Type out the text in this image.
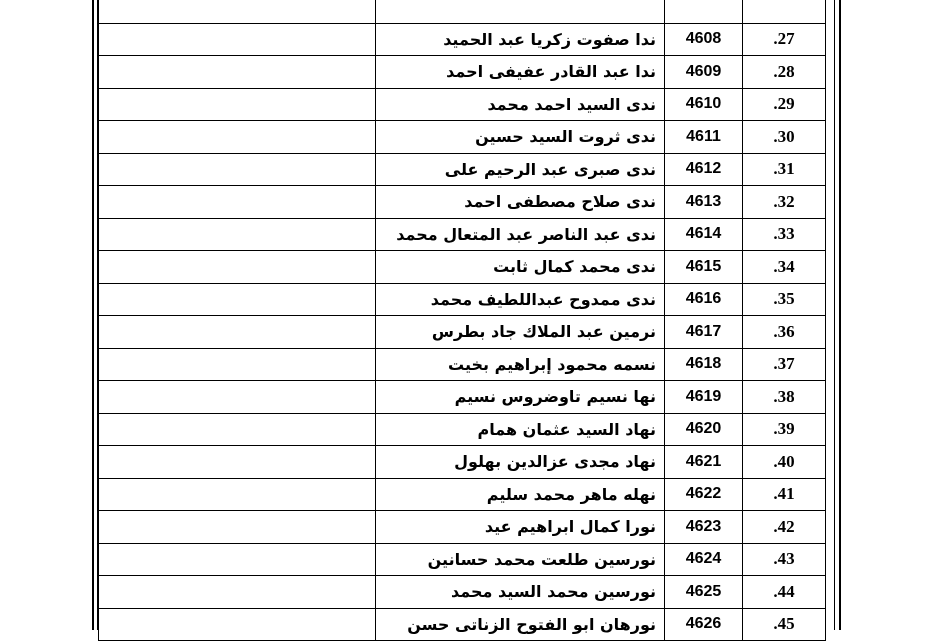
	ندا صفوت زكريا عبد الحميد	4608	.27
	ندا عبد القادر عفيفى احمد	4609	.28
	ندى السيد احمد محمد	4610	.29
	ندى ثروت السيد حسين	4611	.30
	ندى صبرى عبد الرحيم على	4612	.31
	ندى صلاح مصطفى احمد	4613	.32
	ندى عبد الناصر عبد المتعال محمد	4614	.33
	ندى محمد كمال ثابت	4615	.34
	ندى ممدوح عبداللطيف محمد	4616	.35
	نرمين عبد الملاك جاد بطرس	4617	.36
	نسمه محمود إبراهيم بخيت	4618	.37
	نها نسيم تاوضروس نسيم	4619	.38
	نهاد السيد عثمان همام	4620	.39
	نهاد مجدى عزالدين بهلول	4621	.40
	نهله ماهر محمد سليم	4622	.41
	نورا كمال ابراهيم عيد	4623	.42
	نورسين طلعت محمد حسانين	4624	.43
	نورسين محمد السيد محمد	4625	.44
	نورهان ابو الفتوح الزناتى حسن	4626	.45
